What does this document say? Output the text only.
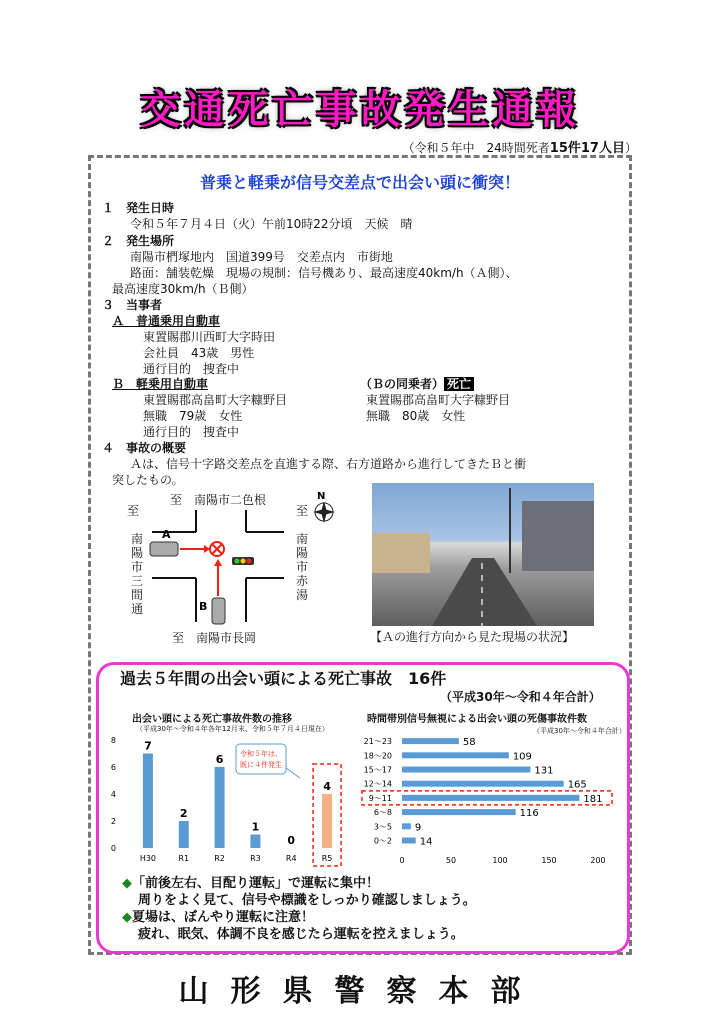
交通死亡事故発生通報
（令和５年中　24時間死者15件17人目）
普乗と軽乗が信号交差点で出会い頭に衝突！
１ 発生日時
令和５年７月４日（火）午前10時22分頃　天候　晴
２ 発生場所
南陽市椚塚地内　国道399号　交差点内　市街地
路面：舗装乾燥　現場の規制：信号機あり、最高速度40km/h（Ａ側）、
最高速度30km/h（Ｂ側）
３ 当事者
Ａ　普通乗用自動車
東置賜郡川西町大字時田
会社員　43歳　男性
通行目的　捜査中
Ｂ　軽乗用自動車
東置賜郡高畠町大字糠野目
無職　79歳　女性
通行目的　捜査中
（Ｂの同乗者） 死亡
東置賜郡高畠町大字糠野目
無職　80歳　女性
４ 事故の概要
Ａは、信号十字路交差点を直進する際、右方道路から進行してきたＢと衝
突したもの。
A
B
N
至　南陽市二色根
至　南陽市長岡
至
南陽市三間通
至
南陽市赤湯
【Ａの進行方向から見た現場の状況】
過去５年間の出会い頭による死亡事故　16件
（平成30年～令和４年合計）
出会い頭による死亡事故件数の推移
（平成30年～令和４年各年12月末、令和５年７月４日現在）
0
2
4
6
8	7
H30
2
R1
6
R2
1
R3
0
R4
4
R5
令和５年は、
既に４件発生
時間帯別信号無視による出会い頭の死傷事故件数
（平成30年～令和４年合計）
21～23	58
18～20	109
15～17	131
12～14	165
9～11	181
6～8	116
3～5 9
0～2	14
0	50	100	150	200
◆「前後左右、目配り運転」で運転に集中！
周りをよく見て、信号や標識をしっかり確認しましょう。
◆夏場は、ぼんやり運転に注意！
疲れ、眠気、体調不良を感じたら運転を控えましょう。
山形県警察本部
